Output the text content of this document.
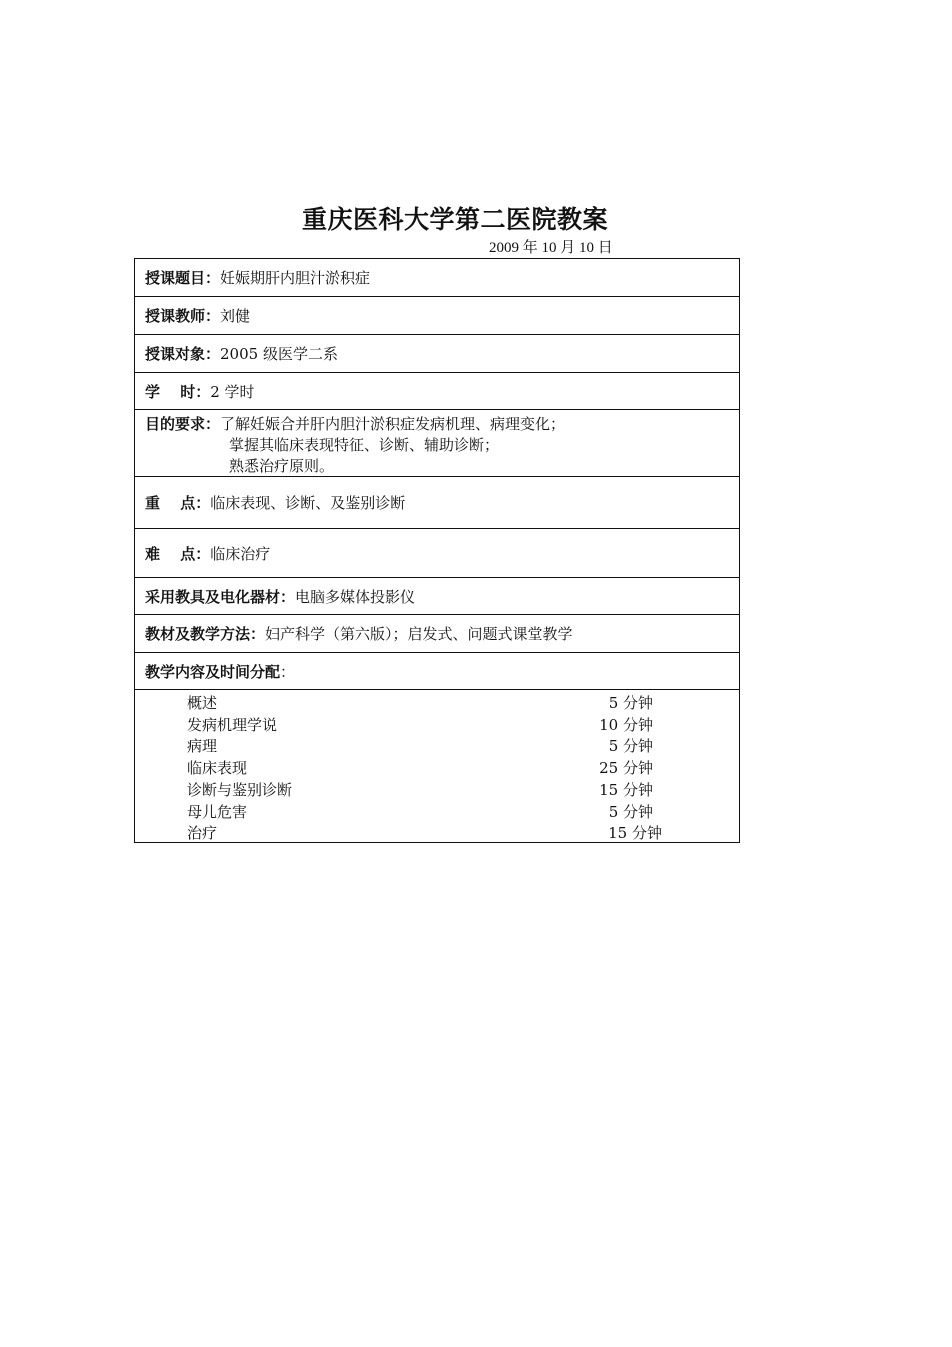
重庆医科大学第二医院教案
2009 年 10 月 10 日
授课题目： 妊娠期肝内胆汁淤积症
授课教师： 刘健
授课对象： 2005 级医学二系
学　 时： 2 学时
目的要求：了解妊娠合并肝内胆汁淤积症发病机理、病理变化；
掌握其临床表现特征、诊断、辅助诊断；
熟悉治疗原则。
重　 点： 临床表现、诊断、及鉴别诊断
难　 点： 临床治疗
采用教具及电化器材： 电脑多媒体投影仪
教材及教学方法： 妇产科学（第六版）；启发式、问题式课堂教学
教学内容及时间分配 ：
概述	5 分钟
发病机理学说	10 分钟
病理	5 分钟
临床表现	25 分钟
诊断与鉴别诊断	15 分钟
母儿危害	5 分钟
治疗	15 分钟
